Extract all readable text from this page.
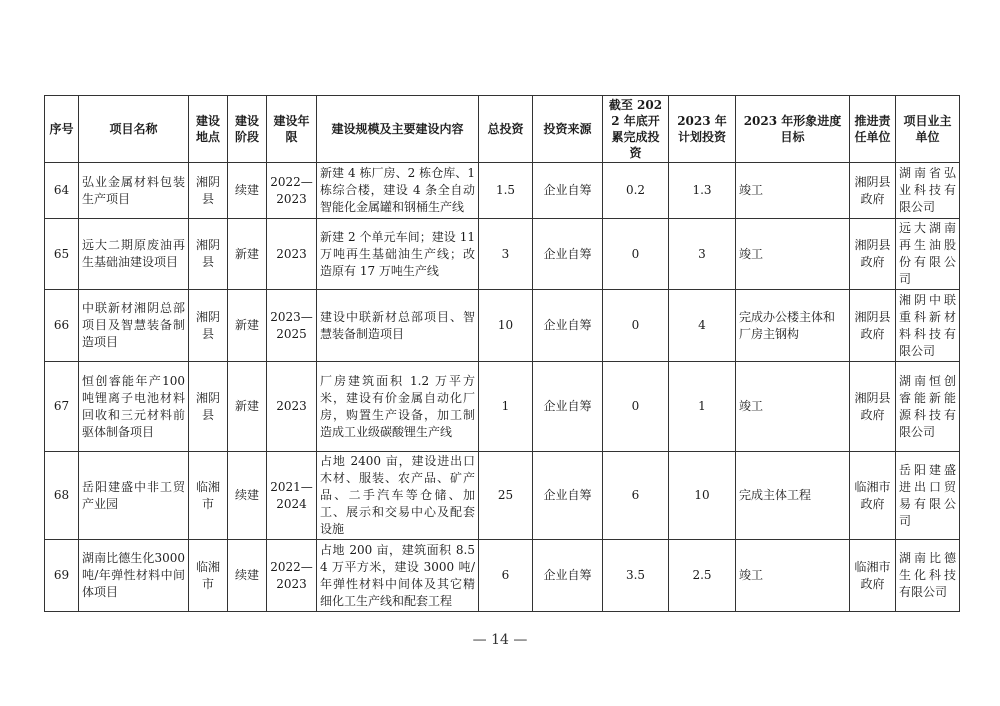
序号	项目名称	建设地点	建设阶段	建设年限	建设规模及主要建设内容	总投资	投资来源	截至 2022 年底开累完成投资	2023 年计划投资	2023 年形象进度目标	推进责任单位	项目业主单位
64	弘业金属材料包装生产项目	湘阴县	续建	2022—2023	新建 4 栋厂房、2 栋仓库、1 栋综合楼，建设 4 条全自动智能化金属罐和钢桶生产线	1.5	企业自筹	0.2	1.3	竣工	湘阴县政府	湖南省弘业科技有限公司
65	远大二期原废油再生基础油建设项目	湘阴县	新建	2023	新建 2 个单元车间；建设 11 万吨再生基础油生产线；改造原有 17 万吨生产线	3	企业自筹	0	3	竣工	湘阴县政府	远大湖南再生油股份有限公司
66	中联新材湘阴总部项目及智慧装备制造项目	湘阴县	新建	2023—2025	建设中联新材总部项目、智慧装备制造项目	10	企业自筹	0	4	完成办公楼主体和厂房主钢构	湘阴县政府	湘阴中联重科新材料科技有限公司
67	恒创睿能年产100吨锂离子电池材料回收和三元材料前驱体制备项目	湘阴县	新建	2023	厂房建筑面积 1.2 万平方米，建设有价金属自动化厂房，购置生产设备，加工制造成工业级碳酸锂生产线	1	企业自筹	0	1	竣工	湘阴县政府	湖南恒创睿能新能源科技有限公司
68	岳阳建盛中非工贸产业园	临湘市	续建	2021—2024	占地 2400 亩，建设进出口木材、服装、农产品、矿产品、二手汽车等仓储、加工、展示和交易中心及配套设施	25	企业自筹	6	10	完成主体工程	临湘市政府	岳阳建盛进出口贸易有限公司
69	湖南比德生化3000吨/年弹性材料中间体项目	临湘市	续建	2022—2023	占地 200 亩，建筑面积 8.54 万平方米，建设 3000 吨/年弹性材料中间体及其它精细化工生产线和配套工程	6	企业自筹	3.5	2.5	竣工	临湘市政府	湖南比德生化科技有限公司
— 14 —
